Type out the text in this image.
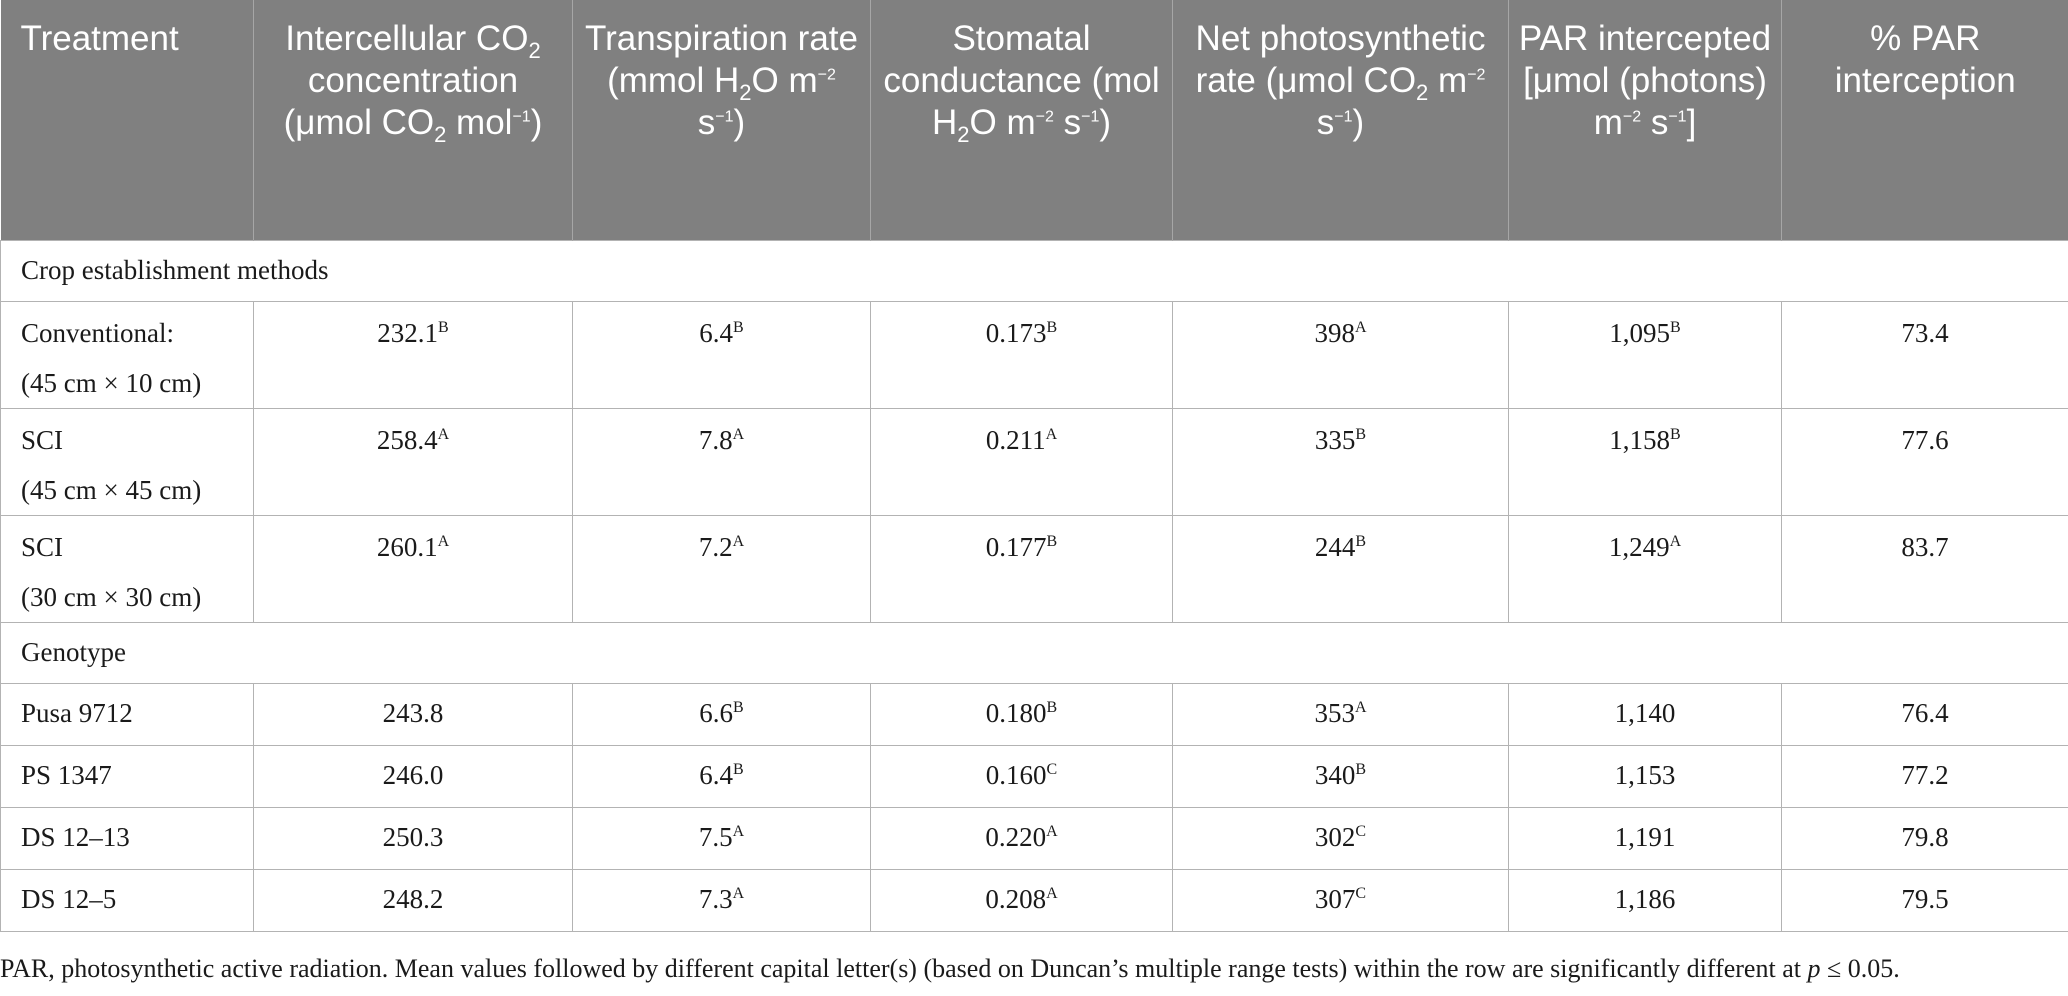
Treatment	Intercellular $CO_2$ concentration (μmol $CO_2$ mol$^{-1}$)	Transpiration rate (mmol $H_2O$ $m^{-2}$ $s^{-1}$)	Stomatal conductance (mol $H_2O$ $m^{-2}$ $s^{-1}$)	Net photosynthetic rate (μmol $CO_2$ $m^{-2}$ $s^{-1}$)	PAR intercepted [μmol (photons) $m^{-2}$ $s^{-1}$]	% PAR interception
Crop establishment methods						

Conventional:
(45 cm × 10 cm)	$232.1^B$	$6.4^B$	$0.173^B$	$398^A$	$1,095^B$	73.4

SCI
(45 cm × 45 cm)	$258.4^A$	$7.8^A$	$0.211^A$	$335^B$	$1,158^B$	77.6

SCI
(30 cm × 30 cm)	$260.1^A$	$7.2^A$	$0.177^B$	$244^B$	$1,249^A$	83.7
Genotype						
Pusa 9712	243.8	$6.6^B$	$0.180^B$	$353^A$	1,140	76.4
PS 1347	246.0	$6.4^B$	$0.160^C$	$340^B$	1,153	77.2
DS 12–13	250.3	$7.5^A$	$0.220^A$	$302^C$	1,191	79.8
DS 12–5	248.2	$7.3^A$	$0.208^A$	$307^C$	1,186	79.5
PAR, photosynthetic active radiation. Mean values followed by different capital letter(s) (based on Duncan’s multiple range tests) within the row are significantly different at p ≤ 0.05.
